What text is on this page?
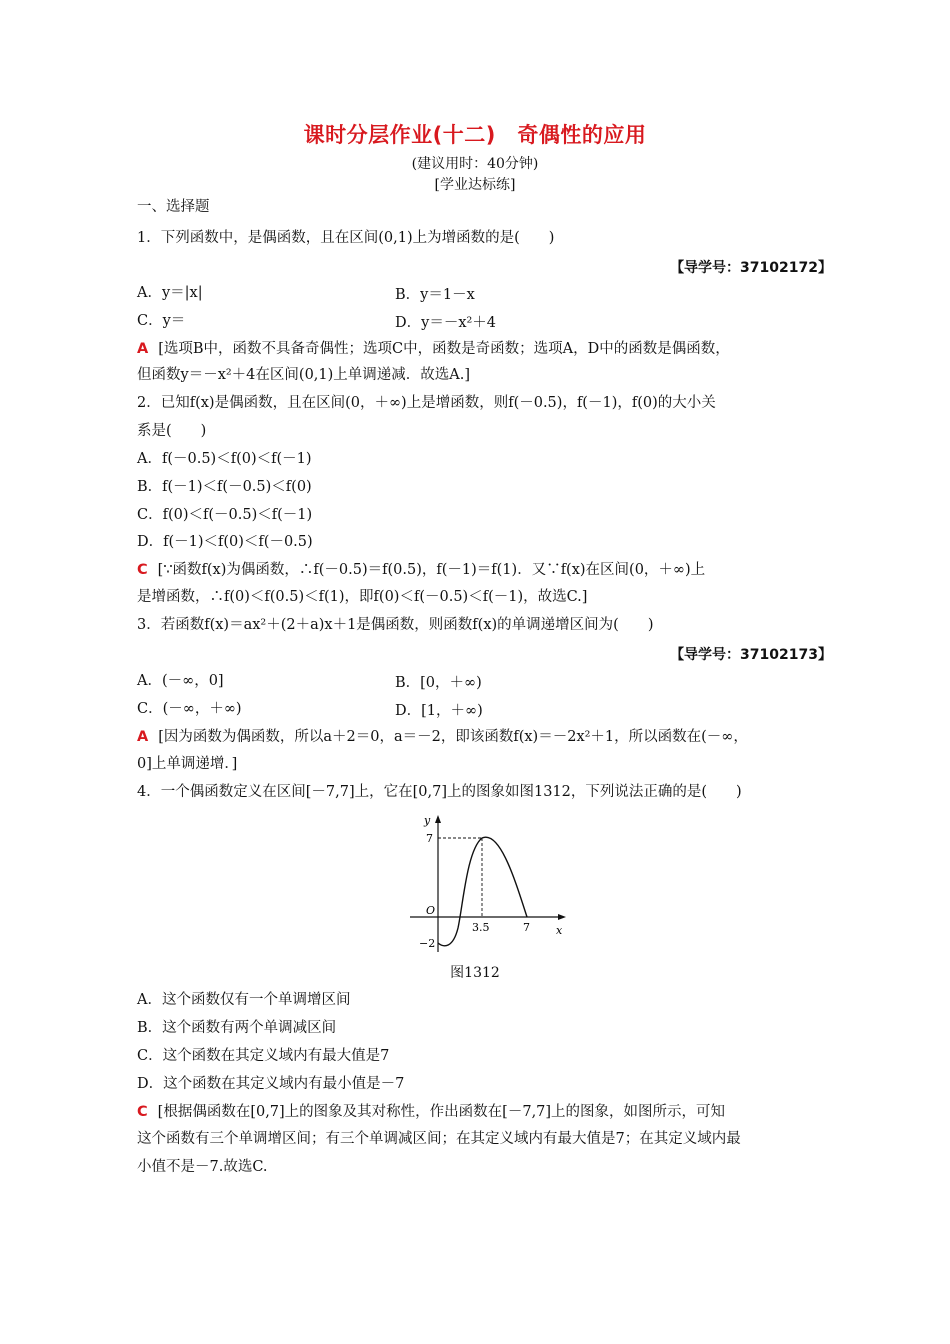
课时分层作业(十二)　奇偶性的应用
(建议用时：40分钟)
[学业达标练]
一、选择题
1．下列函数中，是偶函数，且在区间(0,1)上为增函数的是(　　)
【导学号：37102172】
A．y＝|x|	B．y＝1－x
C．y＝	D．y＝－x²＋4
A [选项B中，函数不具备奇偶性；选项C中，函数是奇函数；选项A，D中的函数是偶函数，
但函数y＝－x²＋4在区间(0,1)上单调递减．故选A.]
2．已知f(x)是偶函数，且在区间(0，＋∞)上是增函数，则f(－0.5)，f(－1)，f(0)的大小关
系是(　　)
A．f(－0.5)＜f(0)＜f(－1)
B．f(－1)＜f(－0.5)＜f(0)
C．f(0)＜f(－0.5)＜f(－1)
D．f(－1)＜f(0)＜f(－0.5)
C [∵函数f(x)为偶函数，∴f(－0.5)＝f(0.5)，f(－1)＝f(1)．又∵f(x)在区间(0，＋∞)上
是增函数，∴f(0)＜f(0.5)＜f(1)，即f(0)＜f(－0.5)＜f(－1)，故选C.]
3．若函数f(x)＝ax²＋(2＋a)x＋1是偶函数，则函数f(x)的单调递增区间为(　　)
【导学号：37102173】
A．(－∞，0]	B．[0，＋∞)
C．(－∞，＋∞)	D．[1，＋∞)
A [因为函数为偶函数，所以a＋2＝0，a＝－2，即该函数f(x)＝－2x²＋1，所以函数在(－∞，
0]上单调递增．]
4．一个偶函数定义在区间[－7,7]上，它在[0,7]上的图象如图1312，下列说法正确的是(　　)
y
x
O
7
−2
3.5	7
图1312
A．这个函数仅有一个单调增区间
B．这个函数有两个单调减区间
C．这个函数在其定义域内有最大值是7
D．这个函数在其定义域内有最小值是－7
C [根据偶函数在[0,7]上的图象及其对称性，作出函数在[－7,7]上的图象，如图所示，可知
这个函数有三个单调增区间；有三个单调减区间；在其定义域内有最大值是7；在其定义域内最
小值不是－7.故选C.
